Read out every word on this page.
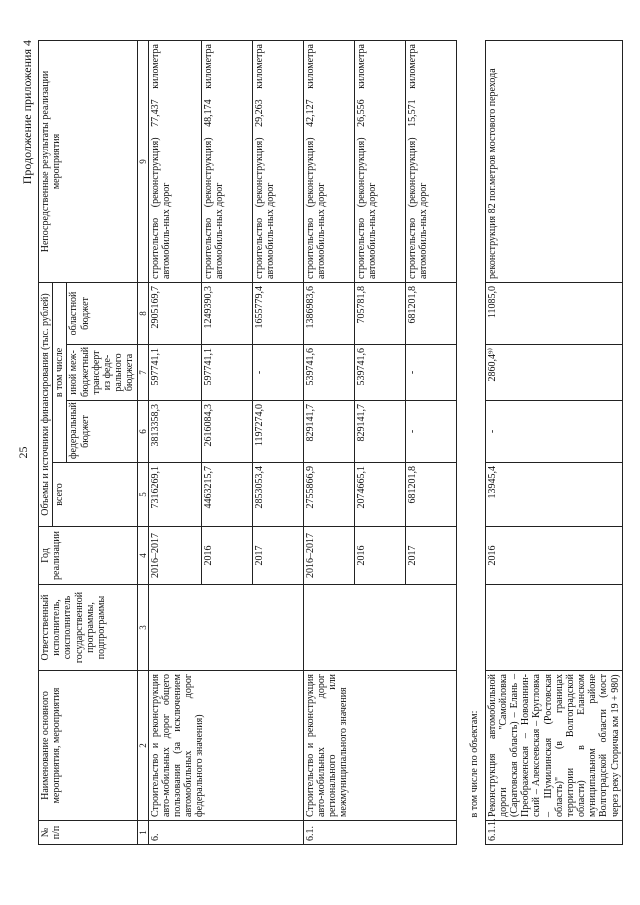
25
Продолжение приложения 4
№ п/п	Наименование основного мероприятия, мероприятия	Ответственный исполнитель, соисполнитель государственной программы, подпрограммы	Год реализации	Объемы и источники финансирования (тыс. рублей)				Непосредственные результаты реализации мероприятия
				всего	в том числе			
					федеральный бюджет	иной меж-бюджетный трансферт из феде-рального бюджета	областной бюджет	
1	2	3	4	5	6	7	8	9
6.	Строительство и реконструкция авто-мобильных дорог общего пользования (за исключением автомобильных дорог федерального значения)		2016–2017	7316269,1	3813358,3	597741,1	2905169,7	строительство (реконструкция) 77,437 километра автомобиль-ных дорог
			2016	4463215,7	2616084,3	597741,1	1249390,3	строительство (реконструкция) 48,174 километра автомобиль-ных дорог
			2017	2853053,4	1197274,0	-	1655779,4	строительство (реконструкция) 29,263 километра автомобиль-ных дорог
6.1.	Строительство и реконструкция авто-мобильных дорог регионального или межмуниципального значения		2016–2017	2755866,9	829141,7	539741,6	1386983,6	строительство (реконструкция) 42,127 километра автомобиль-ных дорог
			2016	2074665,1	829141,7	539741,6	705781,8	строительство (реконструкция) 26,556 километра автомобиль-ных дорог
			2017	681201,8	-	-	681201,8	строительство (реконструкция) 15,571 километра автомобиль-ных дорог
	в том числе по объектам:							
6.1.1.	Реконструкция автомобильной дороги "Самойловка (Саратовская область) – Елань – Преображенская – Новоаннин-ский – Алексеевская – Кругловка – Шумилинская (Ростовская область)" (в границах территории Волгоградской области) в Еланском муниципальном районе Волгоградской области (мост через реку Сторичка км 19 + 980)		2016	13945,4	-	2860,4⁹⁾	11085,0	реконструкция 82 пог.метров мостового перехода
